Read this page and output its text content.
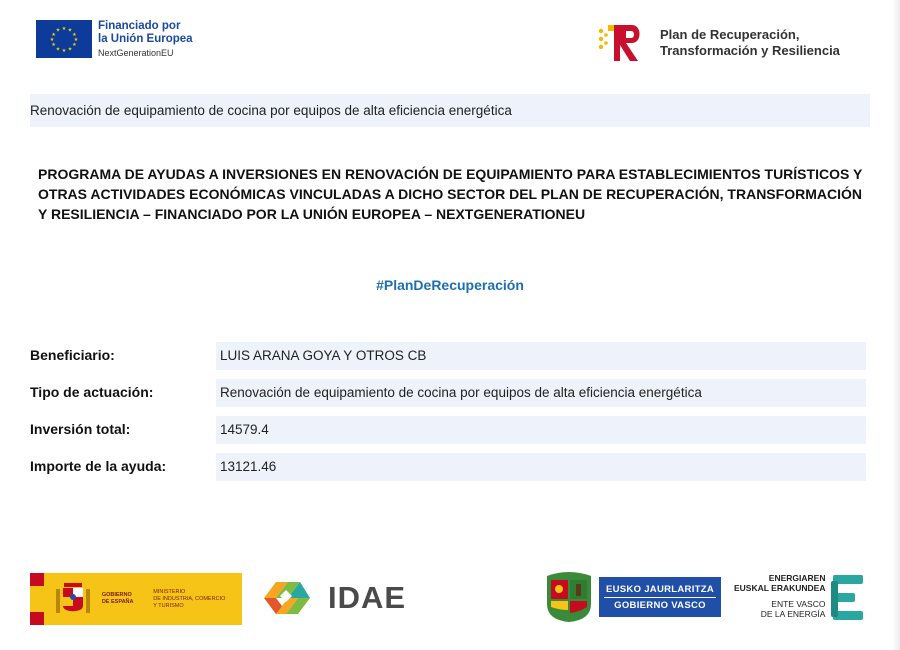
★ ★
★
★
★
★
★
★
★
★
★
★	Financiado por
la Unión Europea
NextGenerationEU
Plan de Recuperación,
Transformación y Resiliencia
Renovación de equipamiento de cocina por equipos de alta eficiencia energética
PROGRAMA DE AYUDAS A INVERSIONES EN RENOVACIÓN DE EQUIPAMIENTO PARA ESTABLECIMIENTOS TURÍSTICOS Y OTRAS ACTIVIDADES ECONÓMICAS VINCULADAS A DICHO SECTOR DEL PLAN DE RECUPERACIÓN, TRANSFORMACIÓN Y RESILIENCIA – FINANCIADO POR LA UNIÓN EUROPEA – NEXTGENERATIONEU
#PlanDeRecuperación
Beneficiario:	LUIS ARANA GOYA Y OTROS CB
Tipo de actuación:	Renovación de equipamiento de cocina por equipos de alta eficiencia energética
Inversión total:	14579.4
Importe de la ayuda:	13121.46
GOBIERNO
DE ESPAÑA
MINISTERIO
DE INDUSTRIA, COMERCIO
Y TURISMO	IDAE	EUSKO JAURLARITZA
GOBIERNO VASCO
ENERGIAREN
EUSKAL ERAKUNDEA
ENTE VASCO
DE LA ENERGÍA
